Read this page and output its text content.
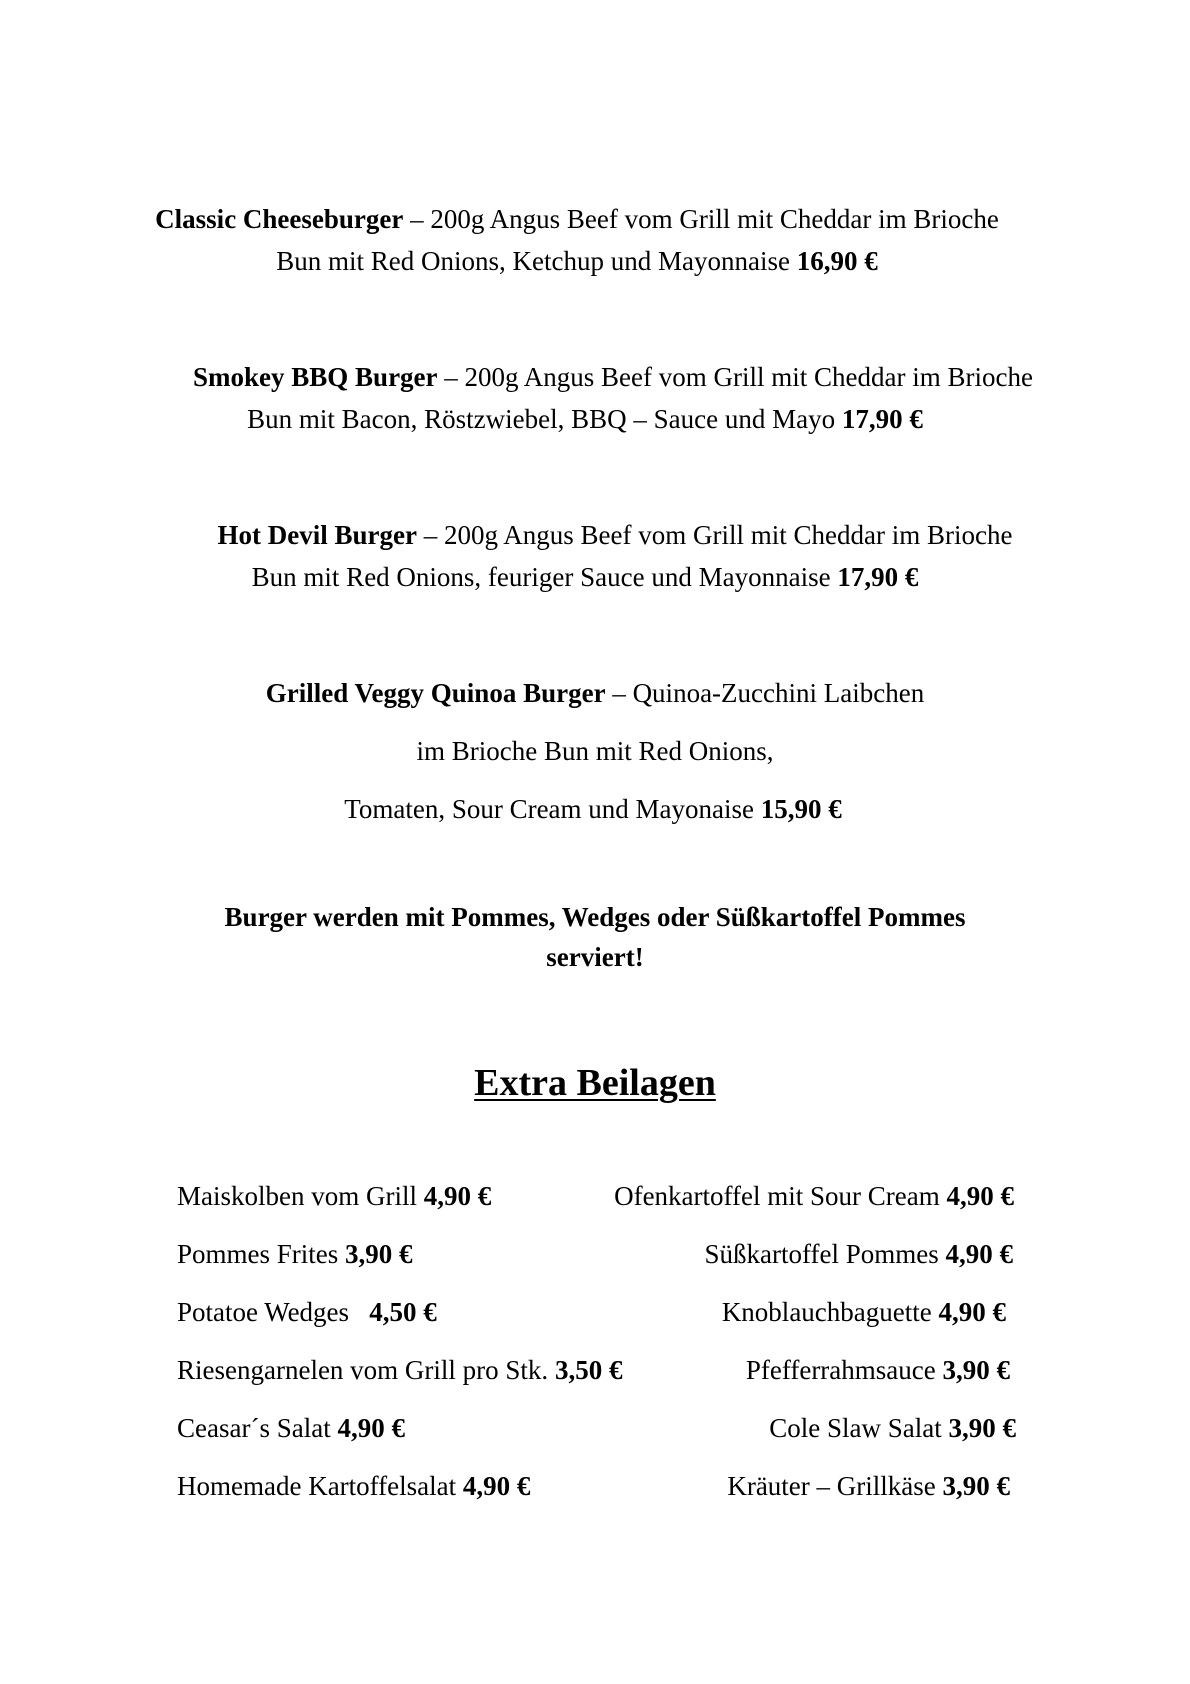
Classic Cheeseburger – 200g Angus Beef vom Grill mit Cheddar im Brioche
Bun mit Red Onions, Ketchup und Mayonnaise 16,90 €
Smokey BBQ Burger – 200g Angus Beef vom Grill mit Cheddar im Brioche
Bun mit Bacon, Röstzwiebel, BBQ – Sauce und Mayo 17,90 €
Hot Devil Burger – 200g Angus Beef vom Grill mit Cheddar im Brioche
Bun mit Red Onions, feuriger Sauce und Mayonnaise 17,90 €
Grilled Veggy Quinoa Burger – Quinoa-Zucchini Laibchen
im Brioche Bun mit Red Onions,
Tomaten, Sour Cream und Mayonaise 15,90 €
Burger werden mit Pommes, Wedges oder Süßkartoffel Pommes
serviert!
Extra Beilagen
Maiskolben vom Grill 4,90 €
Pommes Frites 3,90 €
Potatoe Wedges   4,50 €
Riesengarnelen vom Grill pro Stk. 3,50 €
Ceasar´s Salat 4,90 €
Homemade Kartoffelsalat 4,90 €
Ofenkartoffel mit Sour Cream 4,90 €
Süßkartoffel Pommes 4,90 €
Knoblauchbaguette 4,90 €
Pfefferrahmsauce 3,90 €
Cole Slaw Salat 3,90 €
Kräuter – Grillkäse 3,90 €
